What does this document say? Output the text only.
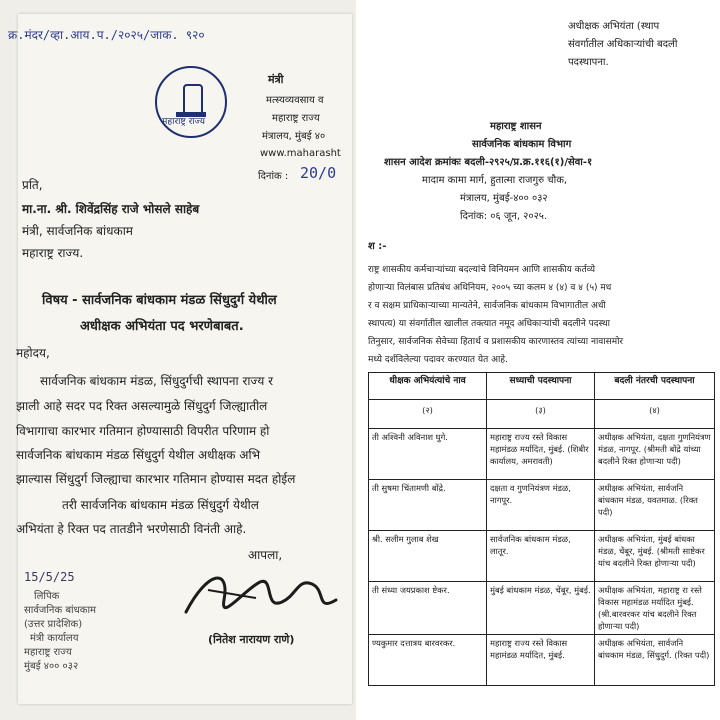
क्र.मंदर/व्हा.आय.प./२०२५/जाक. ९२०
महाराष्ट्र राज्य
मंत्री
मत्स्यव्यवसाय व
महाराष्ट्र राज्य
मंत्रालय, मुंबई ४०
www.maharasht
दिनांक : 20/0
प्रति,
मा.ना. श्री. शिवेंद्रसिंह राजे भोसले साहेब
मंत्री, सार्वजनिक बांधकाम
महाराष्ट्र राज्य.
विषय - सार्वजनिक बांधकाम मंडळ सिंधुदुर्ग येथील
अधीक्षक अभियंता पद भरणेबाबत.
महोदय,
सार्वजनिक बांधकाम मंडळ, सिंधुदुर्गची स्थापना राज्य र
झाली आहे सदर पद रिक्त असल्यामुळे सिंधुदुर्ग जिल्ह्यातील
विभागाचा कारभार गतिमान होण्यासाठी विपरीत परिणाम हो
सार्वजनिक बांधकाम मंडळ सिंधुदुर्ग येथील अधीक्षक अभि
झाल्यास सिंधुदुर्ग जिल्ह्याचा कारभार गतिमान होण्यास मदत होईल
तरी सार्वजनिक बांधकाम मंडळ सिंधुदुर्ग येथील
अभियंता हे रिक्त पद तातडीने भरणेसाठी विनंती आहे.
आपला,
(नितेश नारायण राणे)
15/5/25
लिपिक
सार्वजनिक बांधकाम
(उत्तर प्रादेशिक)
मंत्री कार्यालय
महाराष्ट्र राज्य
मुंबई ४०० ०३२
अधीक्षक अभियंता (स्थाप
संवर्गातील अधिकाऱ्यांची बदली
पदस्थापना.
महाराष्ट्र शासन
सार्वजनिक बांधकाम विभाग
शासन आदेश क्रमांकः बदली-२९२५/प्र.क्र.११६(१)/सेवा-१
मादाम कामा मार्ग, हुतात्मा राजगुरु चौक,
मंत्रालय, मुंबई-४०० ०३२
दिनांक: ०६ जून, २०२५.
श :-
राष्ट्र शासकीय कर्मचाऱ्यांच्या बदल्यांचे विनियमन आणि शासकीय कर्तव्ये
होणाऱ्या विलंबास प्रतिबंध अधिनियम, २००५ च्या कलम ४ (४) व ४ (५) मध
र व सक्षम प्राधिकाऱ्याच्या मान्यतेने, सार्वजनिक बांधकाम विभागातील अधी
स्थापत्य) या संवर्गातील खालील तक्त्यात नमूद अधिकाऱ्यांची बदलीने पदस्था
तिनुसार, सार्वजनिक सेवेच्या हितार्थ व प्रशासकीय कारणास्तव त्यांच्या नावासमोर
मध्ये दर्शविलेल्या पदावर करण्यात येत आहे.
धीक्षक अभियंत्यांचे नाव	सध्याची पदस्थापना	बदली नंतरची पदस्थापना
(२)	(३)	(४)
ती अश्विनी अविनाश घुगे.	महाराष्ट्र राज्य रस्ते विकास महामंडळ मर्यादित, मुंबई. (शिबीर कार्यालय, अमरावती)	अधीक्षक अभियंता, दक्षता गुणनियंत्रण मंडळ, नागपूर. (श्रीमती बोंद्रे यांच्या बदलीने रिक्त होणाऱ्या पदी)
ती सुषमा चिंतामणी बोंद्रे.	दक्षता व गुणनियंत्रण मंडळ, नागपूर.	अधीक्षक अभियंता, सार्वजनि बांधकाम मंडळ, यवतमाळ. (रिक्त पदी)
श्री. सलीम गुलाब शेख	सार्वजनिक बांधकाम मंडळ, लातूर.	अधीक्षक अभियंता, मुंबई बांधका मंडळ, चेंबूर, मुंबई. (श्रीमती साष्टेकर यांच बदलीने रिक्त होणाऱ्या पदी)
ती संध्या जयप्रकाश ष्टेकर.	मुंबई बांधकाम मंडळ, चेंबूर, मुंबई.	अधीक्षक अभियंता, महाराष्ट्र रा रस्ते विकास महामंडळ मर्यादित मुंबई. (श्री.बारवरकर यांच बदलीने रिक्त होणाऱ्या पदी)
ण्यकुमार दत्तात्रय बारवरकर.	महाराष्ट्र राज्य रस्ते विकास महामंडळ मर्यादित, मुंबई.	अधीक्षक अभियंता, सार्वजनि बांधकाम मंडळ, सिंधुदुर्ग. (रिक्त पदी)
